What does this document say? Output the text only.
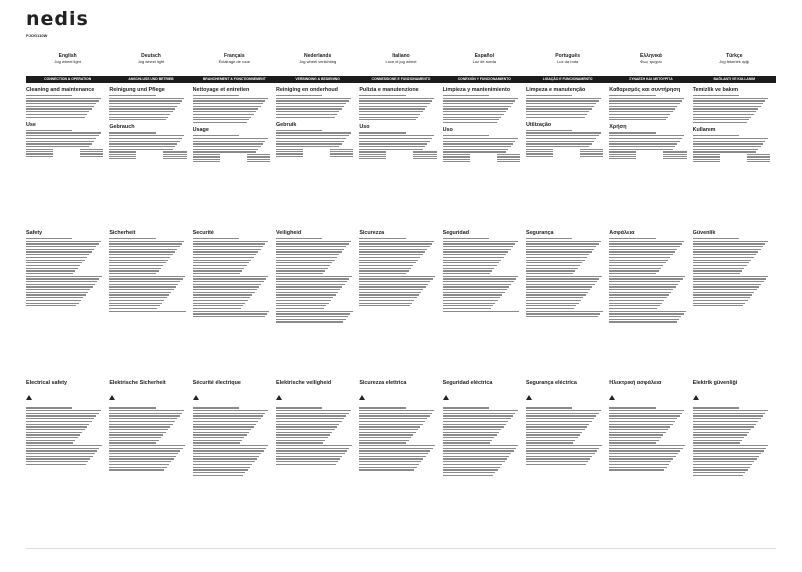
nedis
PJOG110W
English
Jog wheel light
Deutsch
Jog wheel light
Français
Éclairage de roue
Nederlands
Jog wheel verlichting
Italiano
Luce di jog wheel
Español
Luz de rueda
Português
Luz da roda
Ελληνικά
Φως τροχού
Türkçe
Jog tekerlek ışığı
CONNECTION & OPERATION	ANSCHLUSS UND BETRIEB	BRANCHEMENT & FONCTIONNEMENT	VERBINDING & BEDIENING	CONNESSIONE E FUNZIONAMENTO	CONEXIÓN Y FUNCIONAMIENTO	LIGAÇÃO E FUNCIONAMENTO	ΣΥΝΔΕΣΗ ΚΑΙ ΛΕΙΤΟΥΡΓΙΑ	BAĞLANTI VE KULLANIM
Cleaning and maintenance
Use
Reinigung und Pflege
Gebrauch
Nettoyage et entretien
Usage
Reiniging en onderhoud
Gebruik
Pulizia e manutenzione
Uso
Limpieza y mantenimiento
Uso
Limpeza e manutenção
Utilização
Καθαρισμός και συντήρηση
Χρήση
Temizlik ve bakım
Kullanım
Safety	Sicherheit	Securité	Veiligheid	Sicurezza	Seguridad	Segurança	Ασφάλεια	Güvenlik
Electrical safety	Elektrische Sicherheit	Sécurité électrique	Elektrische veiligheid	Sicurezza elettrica	Seguridad eléctrica	Segurança eléctrica	Ηλεκτρική ασφάλεια	Elektrik güvenliği
